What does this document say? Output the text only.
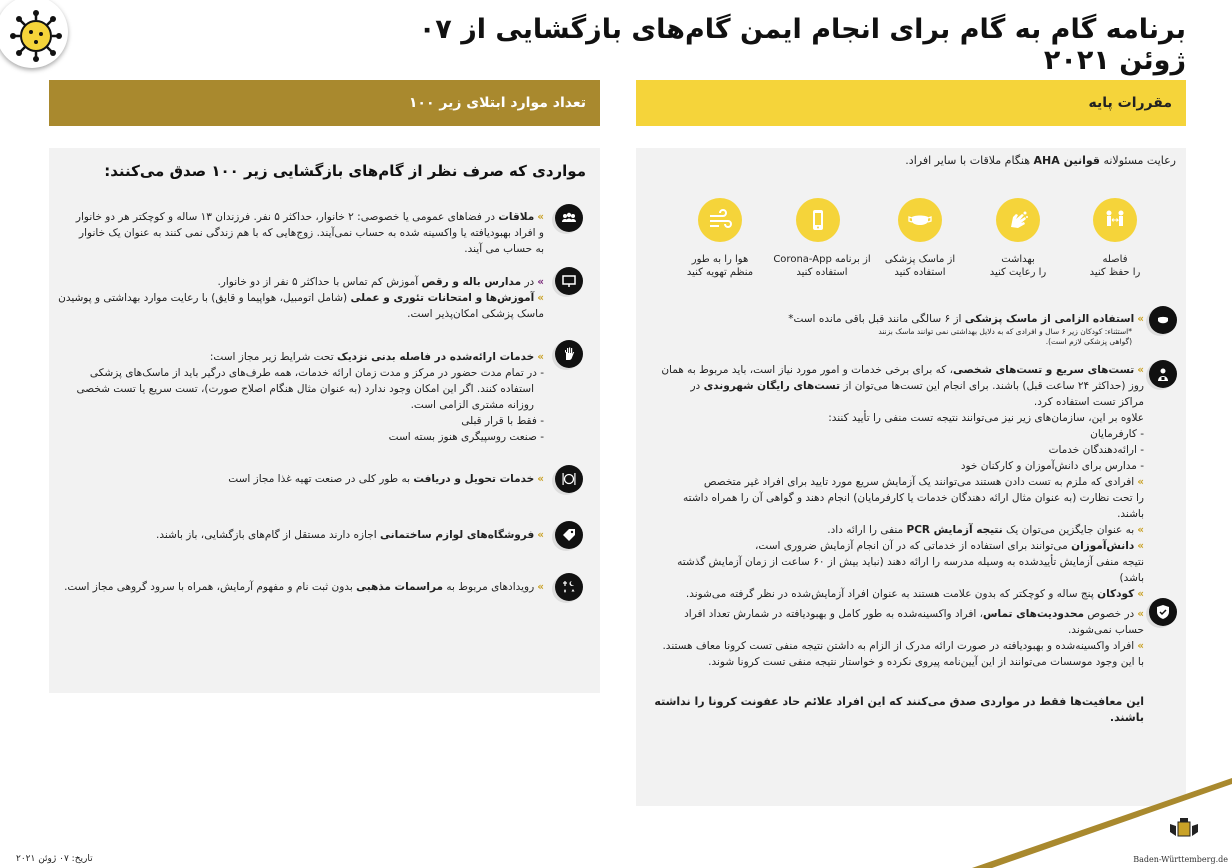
برنامه گام به گام برای انجام ایمن گام‌های بازگشایی از ۰۷ ژوئن ۲۰۲۱
تعداد موارد ابتلای زیر ۱۰۰	مقررات پایه
مواردی که صرف نظر از گام‌های بازگشایی زیر ۱۰۰ صدق می‌کنند:
»ملاقات در فضاهای عمومی یا خصوصی: ۲ خانوار، حداکثر ۵ نفر. فرزندان ۱۳ ساله و کوچکتر هر دو خانوار
و افراد بهبودیافته یا واکسینه شده به حساب نمی‌آیند. زوج‌هایی که با هم زندگی نمی کنند به عنوان یک خانوار
به حساب می آیند.
»در مدارس باله و رقص آموزش کم تماس با حداکثر ۵ نفر از دو خانوار.
»آموزش‌ها و امتحانات تئوری و عملی (شامل اتومبیل، هواپیما و قایق) با رعایت موارد بهداشتی و پوشیدن
ماسک پزشکی امکان‌پذیر است.
»خدمات ارائه‌شده در فاصله بدنی نزدیک تحت شرایط زیر مجاز است:
- در تمام مدت حضور در مرکز و مدت زمان ارائه خدمات، همه طرف‌های درگیر باید از ماسک‌های پزشکی
استفاده کنند. اگر این امکان وجود ندارد (به عنوان مثال هنگام اصلاح صورت)، تست سریع یا تست شخصی
روزانه مشتری الزامی است.
- فقط با قرار قبلی
- صنعت روسپیگری هنوز بسته است
»خدمات تحویل و دریافت به طور کلی در صنعت تهیه غذا مجاز است
»فروشگاه‌های لوازم ساختمانی اجازه دارند مستقل از گام‌های بازگشایی، باز باشند.
»رویدادهای مربوط به مراسمات مذهبی بدون ثبت نام و مفهوم آرمایش، همراه با سرود گروهی مجاز است.
رعایت مسئولانه قوانین AHA هنگام ملاقات با سایر افراد.
فاصله
را حفظ کنید
بهداشت
را رعایت کنید
از ماسک پزشکی
استفاده کنید
از برنامه Corona-App
استفاده کنید
هوا را به طور
منظم تهویه کنید
»استفاده الزامی از ماسک پزشکی از ۶ سالگی مانند قبل باقی مانده است*
*استثناء: کودکان زیر ۶ سال و افرادی که به دلایل بهداشتی نمی توانند ماسک بزنند
(گواهی پزشکی لازم است).
»تست‌های سریع و تست‌های شخصی، که برای برخی خدمات و امور مورد نیاز است، باید مربوط به همان
روز (حداکثر ۲۴ ساعت قبل) باشند. برای انجام این تست‌ها می‌توان از تست‌های رایگان شهروندی در
مراکز تست استفاده کرد.
علاوه بر این، سازمان‌های زیر نیز می‌توانند نتیجه تست منفی را تأیید کنند:
- کارفرمایان
- ارائه‌دهندگان خدمات
- مدارس برای دانش‌آموزان و کارکنان خود
»افرادی که ملزم به تست دادن هستند می‌توانند یک آزمایش سریع مورد تایید برای افراد غیر متخصص
را تحت نظارت (به عنوان مثال ارائه دهندگان خدمات یا کارفرمایان) انجام دهند و گواهی آن را همراه داشته باشند.
»به عنوان جایگزین می‌توان یک نتیجه آزمایش PCR منفی را ارائه داد.
»دانش‌آموزان می‌توانند برای استفاده از خدماتی که در آن انجام آزمایش ضروری است،
نتیجه منفی آزمایش تأییدشده به وسیله مدرسه را ارائه دهند (نباید بیش از ۶۰ ساعت از زمان آزمایش گذشته باشد)
»کودکان پنج ساله و کوچکتر که بدون علامت هستند به عنوان افراد آزمایش‌شده در نظر گرفته می‌شوند.
»در خصوص محدودیت‌های تماس، افراد واکسینه‌شده به طور کامل و بهبودیافته در شمارش تعداد افراد
حساب نمی‌شوند.
»افراد واکسینه‌شده و بهبودیافته در صورت ارائه مدرک از الزام به داشتن نتیجه منفی تست کرونا معاف هستند.
با این وجود موسسات می‌توانند از این آیین‌نامه پیروی نکرده و خواستار نتیجه منفی تست کرونا شوند.
این معافیت‌ها فقط در مواردی صدق می‌کنند که این افراد علائم حاد عفونت کرونا را نداشته باشند.
Baden-Württemberg.de
تاریخ: ۰۷ ژوئن ۲۰۲۱
